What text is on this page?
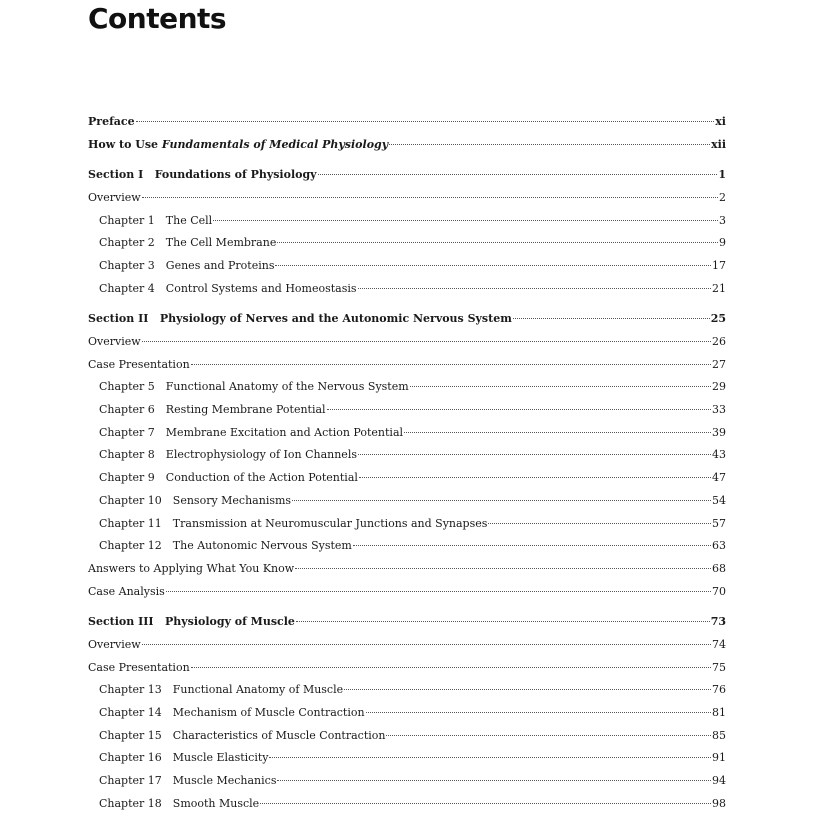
Contents
Preface	xi
How to Use Fundamentals of Medical Physiology	xii
Section I   Foundations of Physiology	1
Overview	2
Chapter 1 The Cell	3
Chapter 2 The Cell Membrane	9
Chapter 3 Genes and Proteins	17
Chapter 4 Control Systems and Homeostasis	21
Section II   Physiology of Nerves and the Autonomic Nervous System	25
Overview	26
Case Presentation	27
Chapter 5 Functional Anatomy of the Nervous System	29
Chapter 6 Resting Membrane Potential	33
Chapter 7 Membrane Excitation and Action Potential	39
Chapter 8 Electrophysiology of Ion Channels	43
Chapter 9 Conduction of the Action Potential	47
Chapter 10 Sensory Mechanisms	54
Chapter 11 Transmission at Neuromuscular Junctions and Synapses	57
Chapter 12 The Autonomic Nervous System	63
Answers to Applying What You Know	68
Case Analysis	70
Section III   Physiology of Muscle	73
Overview	74
Case Presentation	75
Chapter 13 Functional Anatomy of Muscle	76
Chapter 14 Mechanism of Muscle Contraction	81
Chapter 15 Characteristics of Muscle Contraction	85
Chapter 16 Muscle Elasticity	91
Chapter 17 Muscle Mechanics	94
Chapter 18 Smooth Muscle	98
